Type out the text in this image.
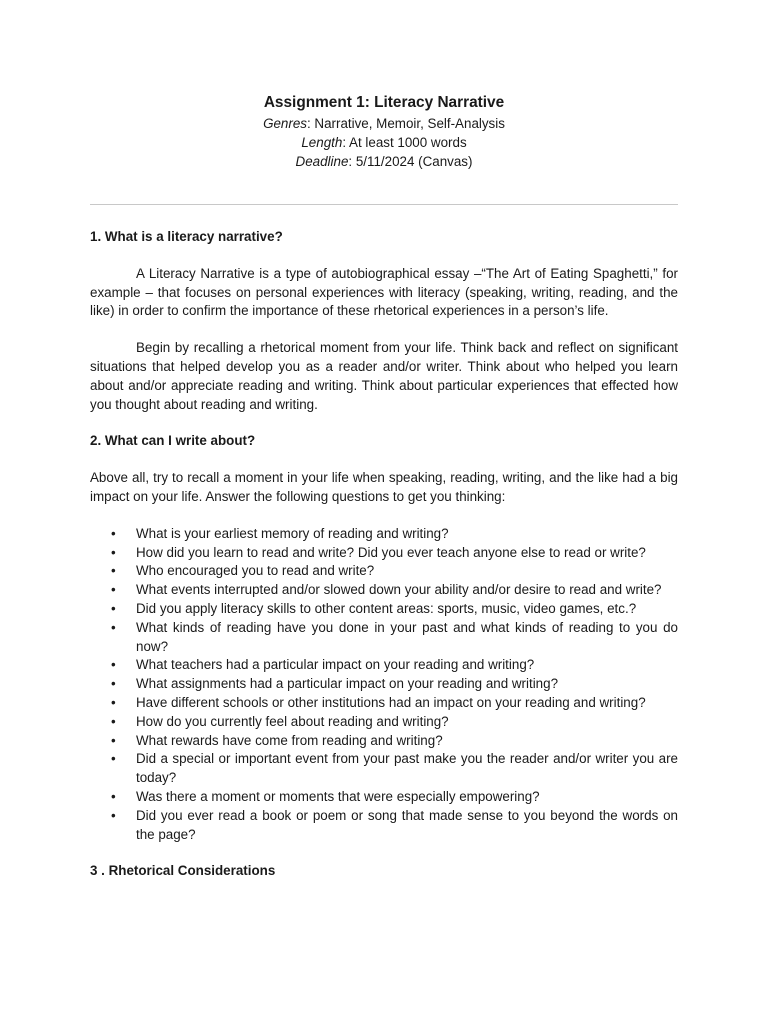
Assignment 1: Literacy Narrative
Genres: Narrative, Memoir, Self-Analysis
Length: At least 1000 words
Deadline: 5/11/2024 (Canvas)

1. What is a literacy narrative?

A Literacy Narrative is a type of autobiographical essay –“The Art of Eating Spaghetti,” for example – that focuses on personal experiences with literacy (speaking, writing, reading, and the like) in order to confirm the importance of these rhetorical experiences in a person’s life.

Begin by recalling a rhetorical moment from your life. Think back and reflect on significant situations that helped develop you as a reader and/or writer. Think about who helped you learn about and/or appreciate reading and writing. Think about particular experiences that effected how you thought about reading and writing.

2. What can I write about?

Above all, try to recall a moment in your life when speaking, reading, writing, and the like had a big impact on your life. Answer the following questions to get you thinking:

• What is your earliest memory of reading and writing?
• How did you learn to read and write? Did you ever teach anyone else to read or write?
• Who encouraged you to read and write?
• What events interrupted and/or slowed down your ability and/or desire to read and write?
• Did you apply literacy skills to other content areas: sports, music, video games, etc.?
• What kinds of reading have you done in your past and what kinds of reading to you do now?
• What teachers had a particular impact on your reading and writing?
• What assignments had a particular impact on your reading and writing?
• Have different schools or other institutions had an impact on your reading and writing?
• How do you currently feel about reading and writing?
• What rewards have come from reading and writing?
• Did a special or important event from your past make you the reader and/or writer you are today?
• Was there a moment or moments that were especially empowering?
• Did you ever read a book or poem or song that made sense to you beyond the words on the page?

3 . Rhetorical Considerations
